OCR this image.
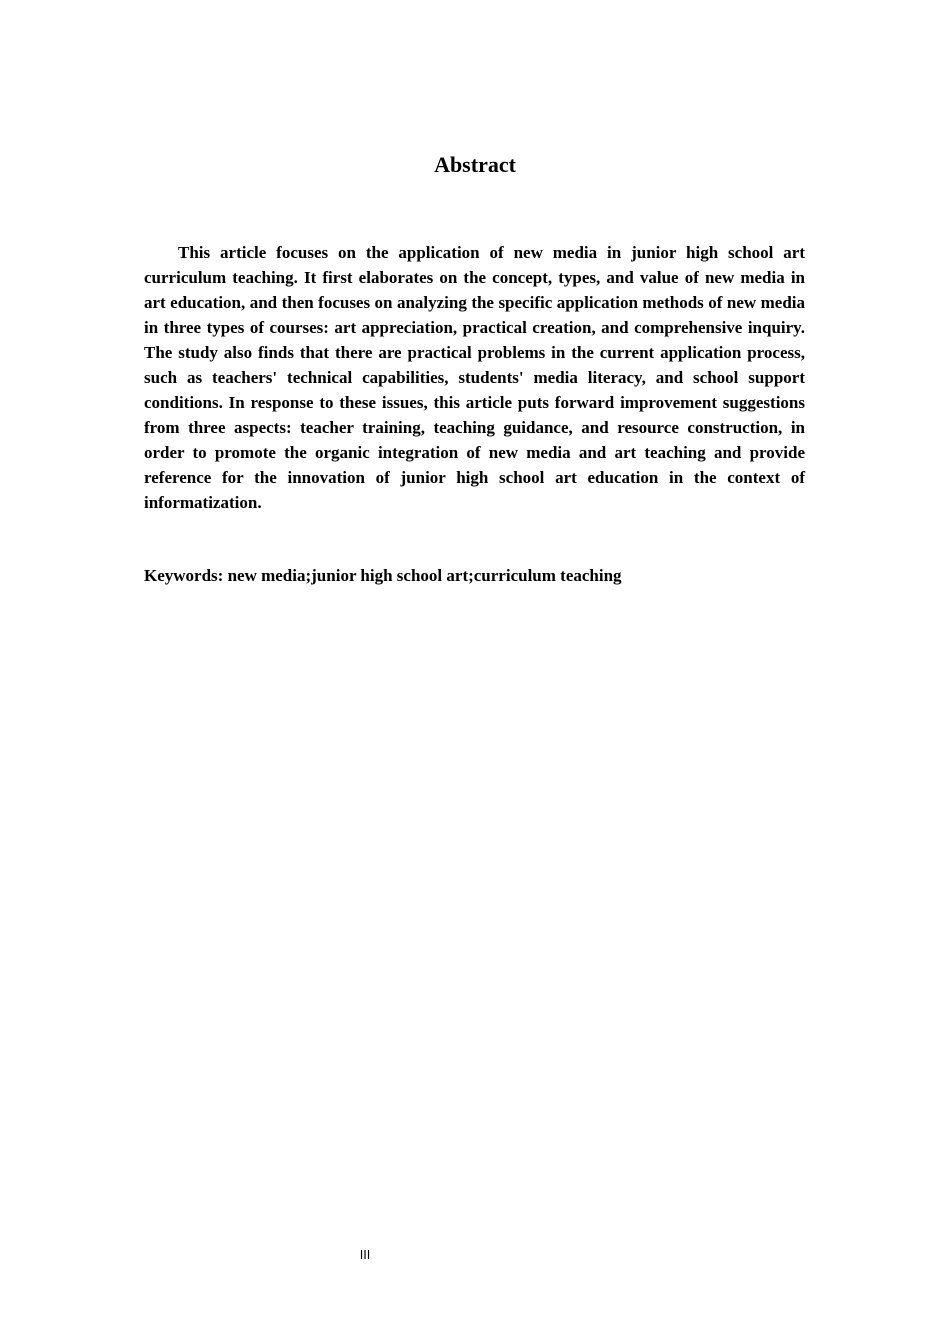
Abstract

This article focuses on the application of new media in junior high school art curriculum teaching. It first elaborates on the concept, types, and value of new media in art education, and then focuses on analyzing the specific application methods of new media in three types of courses: art appreciation, practical creation, and comprehensive inquiry. The study also finds that there are practical problems in the current application process, such as teachers' technical capabilities, students' media literacy, and school support conditions. In response to these issues, this article puts forward improvement suggestions from three aspects: teacher training, teaching guidance, and resource construction, in order to promote the organic integration of new media and art teaching and provide reference for the innovation of junior high school art education in the context of informatization.

Keywords: new media;junior high school art;curriculum teaching

III
